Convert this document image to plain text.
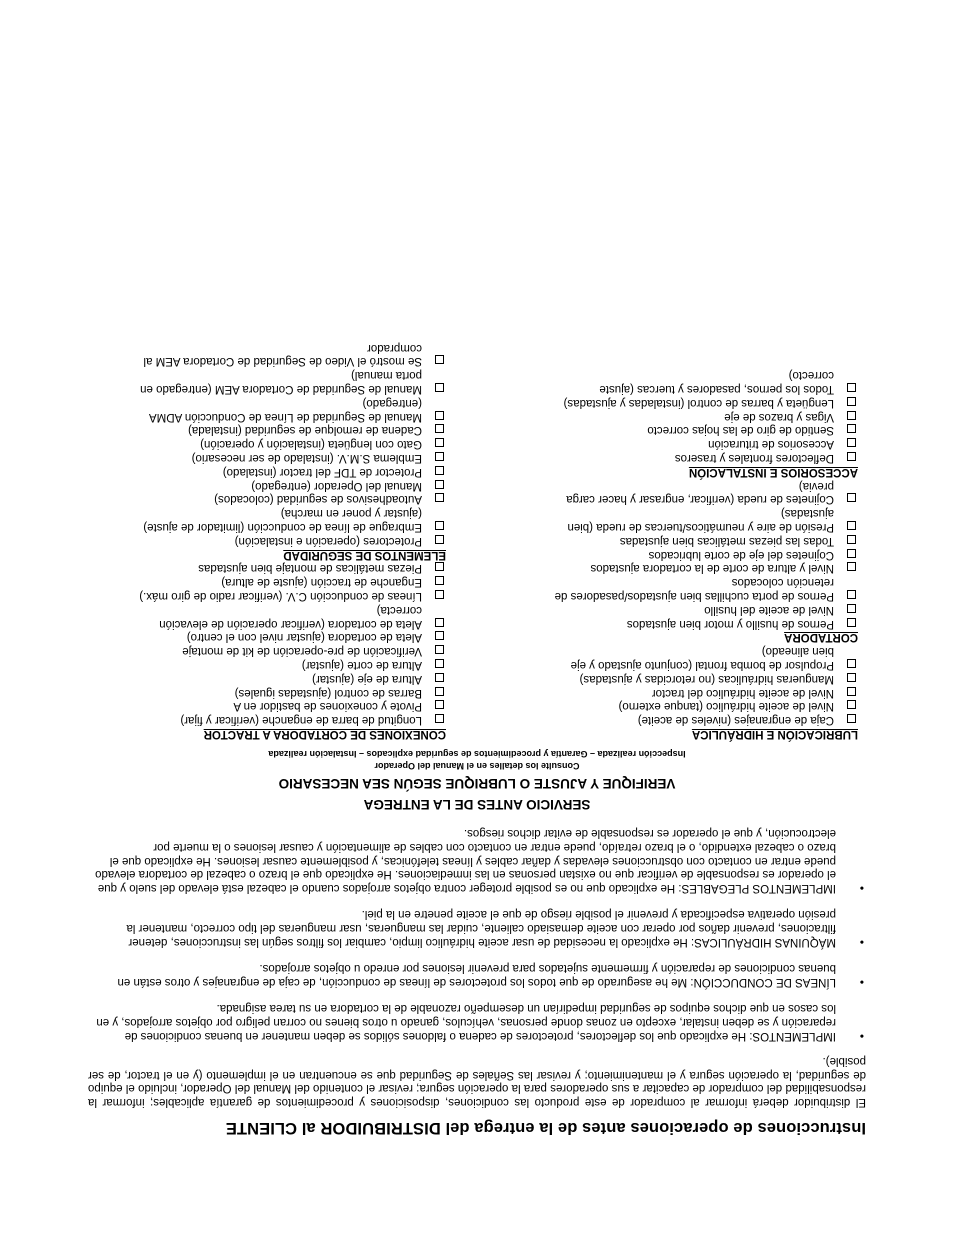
Instrucciones de operaciones antes de la entrega del DISTRIBUIDOR al CLIENTE
El distribuidor deberá informar al comprador de este producto las condiciones, disposiciones y procedimientos de garantía aplicables; informar la responsabilidad del comprador de capacitar a sus operadores para la operación segura; revisar el contenido del Manual del Operador, incluido el equipo de seguridad, la operación segura y el mantenimiento; y revisar las Señales de Seguridad que se encuentran en el implemento (y en el tractor, de ser posible).
• IMPLEMENTOS: He explicado que los deflectores, protectores de cadena o faldones sólidos se deben mantener en buenas condiciones de reparación y se deben instalar, excepto en zonas donde personas, vehículos, ganado u otros bienes no corran peligro por objetos arrojados, y en los casos en que dichos equipos de seguridad impedirían un desempeño razonable de la cortadora en su tarea asignada.
• LÍNEAS DE CONDUCCIÓN: Me he asegurado de que todos los protectores de líneas de conducción, de caja de engranajes y otros están en buenas condiciones de reparación y firmemente sujetados para prevenir lesiones por enredo u objetos arrojados.
• MÁQUINAS HIDRÁULICAS: He explicado la necesidad de usar aceite hidráulico limpio, cambiar los filtros según las instrucciones, detener filtraciones, prevenir daños por operar con aceite demasiado caliente, cuidar las mangueras, usar mangueras del tipo correcto, mantener la presión operativa especificada y prevenir el posible riesgo de que el aceite penetre en la piel.
• IMPLEMENTOS PLEGABLES: He explicado que no es posible proteger contra objetos arrojados cuando el cabezal está elevado del suelo y que el operador es responsable de verificar que no existan personas en las inmediaciones. He explicado que el brazo o cabezal de cortadora elevado puede entrar en contacto con obstrucciones elevadas y dañar cables y líneas telefónicas, y posiblemente causar lesiones. He explicado que el brazo o cabezal extendido, o el brazo retraído, puede entrar en contacto con cables de alimentación y causar lesiones o la muerte por electrocución, y que el operador es responsable de evitar dichos riesgos.
SERVICIO ANTES DE LA ENTREGA
VERIFIQUE Y AJUSTE O LUBRIQUE SEGÚN SEA NECESARIO
Consulte los detalles en el Manual del Operador
Inspección realizada – Garantía y procedimientos de seguridad explicados – Instalación realizada
LUBRICACIÓN E HIDRÁULICA
Caja de engranajes (niveles de aceite)
Nivel de aceite hidráulico (tanque externo)
Nivel de aceite hidráulico del tractor
Mangueras hidráulicas (no retorcidas y ajustadas)
Propulsor de bomba frontal (conjunto ajustado y eje
bien alineado)
CORTADORA
Pernos de husillo y motor bien ajustados
Nivel de aceite del husillo
Pernos de porta cuchillas bien ajustados/pasadores de
retención colocados
Nivel y altura de corte de la cortadora ajustados
Cojinetes del eje de corte lubricados
Todas las piezas metálicas bien ajustadas
Presión de aire y neumáticos/tuercas de rueda (bien
ajustadas)
Cojinetes de rueda (verificar, engrasar y hacer carga
previa)
ACCESORIOS E INSTALACIÓN
Deflectores frontales y traseros
Accesorios de trituración
Sentido de giro de las hojas correcto
Vigas y brazos de eje
Lengüeta y barras de control (instaladas y ajustadas)
Todos los pernos, pasadores y tuercas (ajuste
correcto)
CONEXIONES DE CORTADORA A TRACTOR
Longitud de barra de enganche (verificar y fijar)
Pivote y conexiones de bastidor en A
Barras de control (ajustadas iguales)
Altura de eje (ajustar)
Altura de corte (ajustar)
Verificación de pre-operación de kit de montaje
Aleta de cortadora (ajustar nivel con el centro)
Aleta de cortadora (verificar operación de elevación
correcta)
Líneas de conducción C.V. (verificar radio de giro máx.)
Enganche de tracción (ajuste de altura)
Piezas metálicas de montaje bien ajustadas
ELEMENTOS DE SEGURIDAD
Protectores (operación e instalación)
Embrague de línea de conducción (limitador de ajuste)
(ajustar y poner en marcha)
Autoadhesivos de seguridad (colocados)
Manual del Operador (entregado)
Protector de TDF del tractor (instalado)
Emblema S.M.V. (instalado de ser necesario)
Gato con lengüeta (instalación y operación)
Cadena de remolque de seguridad (instalada)
Manual de Seguridad de Línea de Conducción ADMA
(entregado)
Manual de Seguridad de Cortadora AEM (entregado en
porta manual)
Se mostró el Video de Seguridad de Cortadora AEM al
comprador
